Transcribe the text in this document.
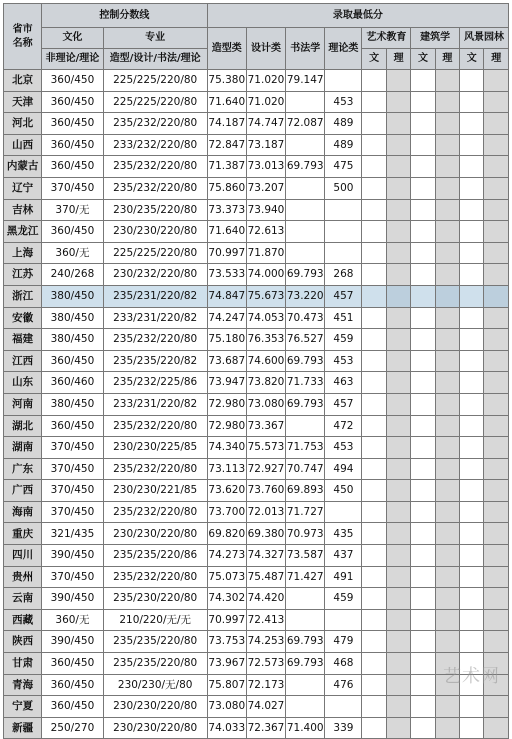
省市名称	控制分数线		录取最低分									
	文化	专业	造型类	设计类	书法学	理论类	艺术教育		建筑学		风景园林	
	非理论/理论	造型/设计/书法/理论					文	理	文	理	文	理
北京	360/450	225/225/220/80	75.380	71.020	79.147							
天津	360/450	225/225/220/80	71.640	71.020		453						
河北	360/450	235/232/220/80	74.187	74.747	72.087	489						
山西	360/450	233/232/220/80	72.847	73.187		489						
内蒙古	360/450	235/232/220/80	71.387	73.013	69.793	475						
辽宁	370/450	235/232/220/80	75.860	73.207		500						
吉林	370/无	230/235/220/80	73.373	73.940								
黑龙江	360/450	230/230/220/80	71.640	72.613								
上海	360/无	225/225/220/80	70.997	71.870								
江苏	240/268	230/232/220/80	73.533	74.000	69.793	268						
浙江	380/450	235/231/220/82	74.847	75.673	73.220	457						
安徽	380/450	233/231/220/82	74.247	74.053	70.473	451						
福建	380/450	235/232/220/80	75.180	76.353	76.527	459						
江西	360/450	235/235/220/82	73.687	74.600	69.793	453						
山东	360/460	235/232/225/86	73.947	73.820	71.733	463						
河南	380/450	233/231/220/82	72.980	73.080	69.793	457						
湖北	360/450	235/232/220/80	72.980	73.367		472						
湖南	370/450	230/230/225/85	74.340	75.573	71.753	453						
广东	370/450	235/232/220/80	73.113	72.927	70.747	494						
广西	370/450	230/230/221/85	73.620	73.760	69.893	450						
海南	370/450	235/232/220/80	73.700	72.013	71.727							
重庆	321/435	230/230/220/80	69.820	69.380	70.973	435						
四川	390/450	235/235/220/86	74.273	74.327	73.587	437						
贵州	370/450	235/232/220/80	75.073	75.487	71.427	491						
云南	390/450	235/230/220/80	74.302	74.420		459						
西藏	360/无	210/220/无/无	70.997	72.413								
陕西	390/450	235/235/220/80	73.753	74.253	69.793	479						
甘肃	360/450	235/235/220/80	73.967	72.573	69.793	468						
青海	360/450	230/230/无/80	75.807	72.173		476						
宁夏	360/450	230/230/220/80	73.080	74.027								
新疆	250/270	230/230/220/80	74.033	72.367	71.400	339						
艺术网
